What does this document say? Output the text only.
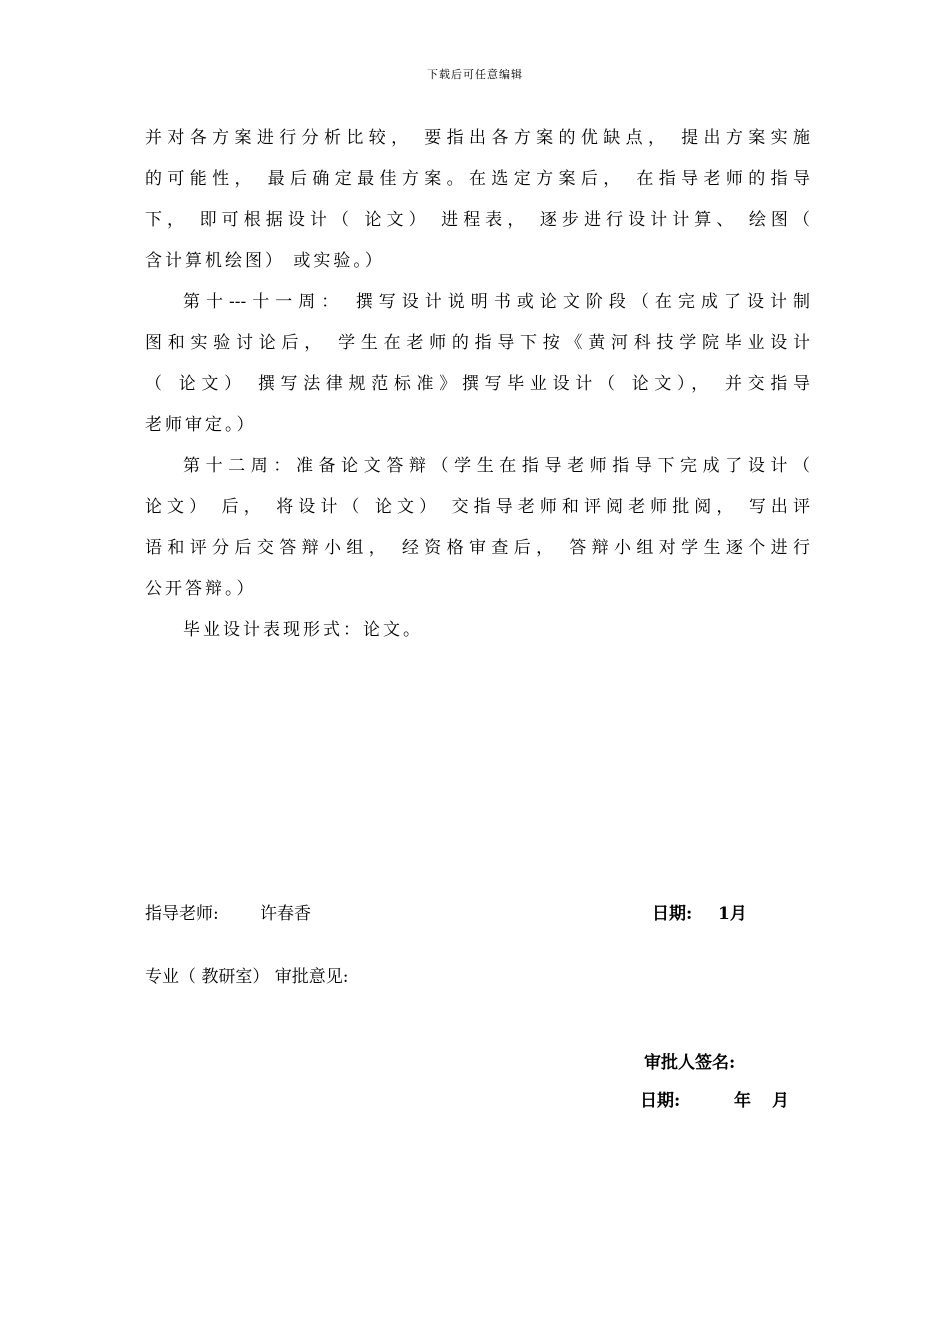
下载后可任意编辑
并对各方案进行分析比较， 要指出各方案的优缺点， 提出方案实施
的可能性， 最后确定最佳方案。在选定方案后， 在指导老师的指导
下， 即可根据设计（ 论文） 进程表， 逐步进行设计计算、 绘图（
含计算机绘图） 或实验。）
第十---十一周： 撰写设计说明书或论文阶段（在完成了设计制
图和实验讨论后， 学生在老师的指导下按《黄河科技学院毕业设计
（ 论文） 撰写法律规范标准》撰写毕业设计（ 论文）， 并交指导
老师审定。）
第十二周：准备论文答辩（学生在指导老师指导下完成了设计（
论文） 后， 将设计（ 论文） 交指导老师和评阅老师批阅， 写出评
语和评分后交答辩小组， 经资格审查后， 答辩小组对学生逐个进行
公开答辩。）
毕业设计表现形式：论文。
指导老师: 许春香	日期: 1月
专业（ 教研室） 审批意见:
审批人签名:
日期:	年 月
